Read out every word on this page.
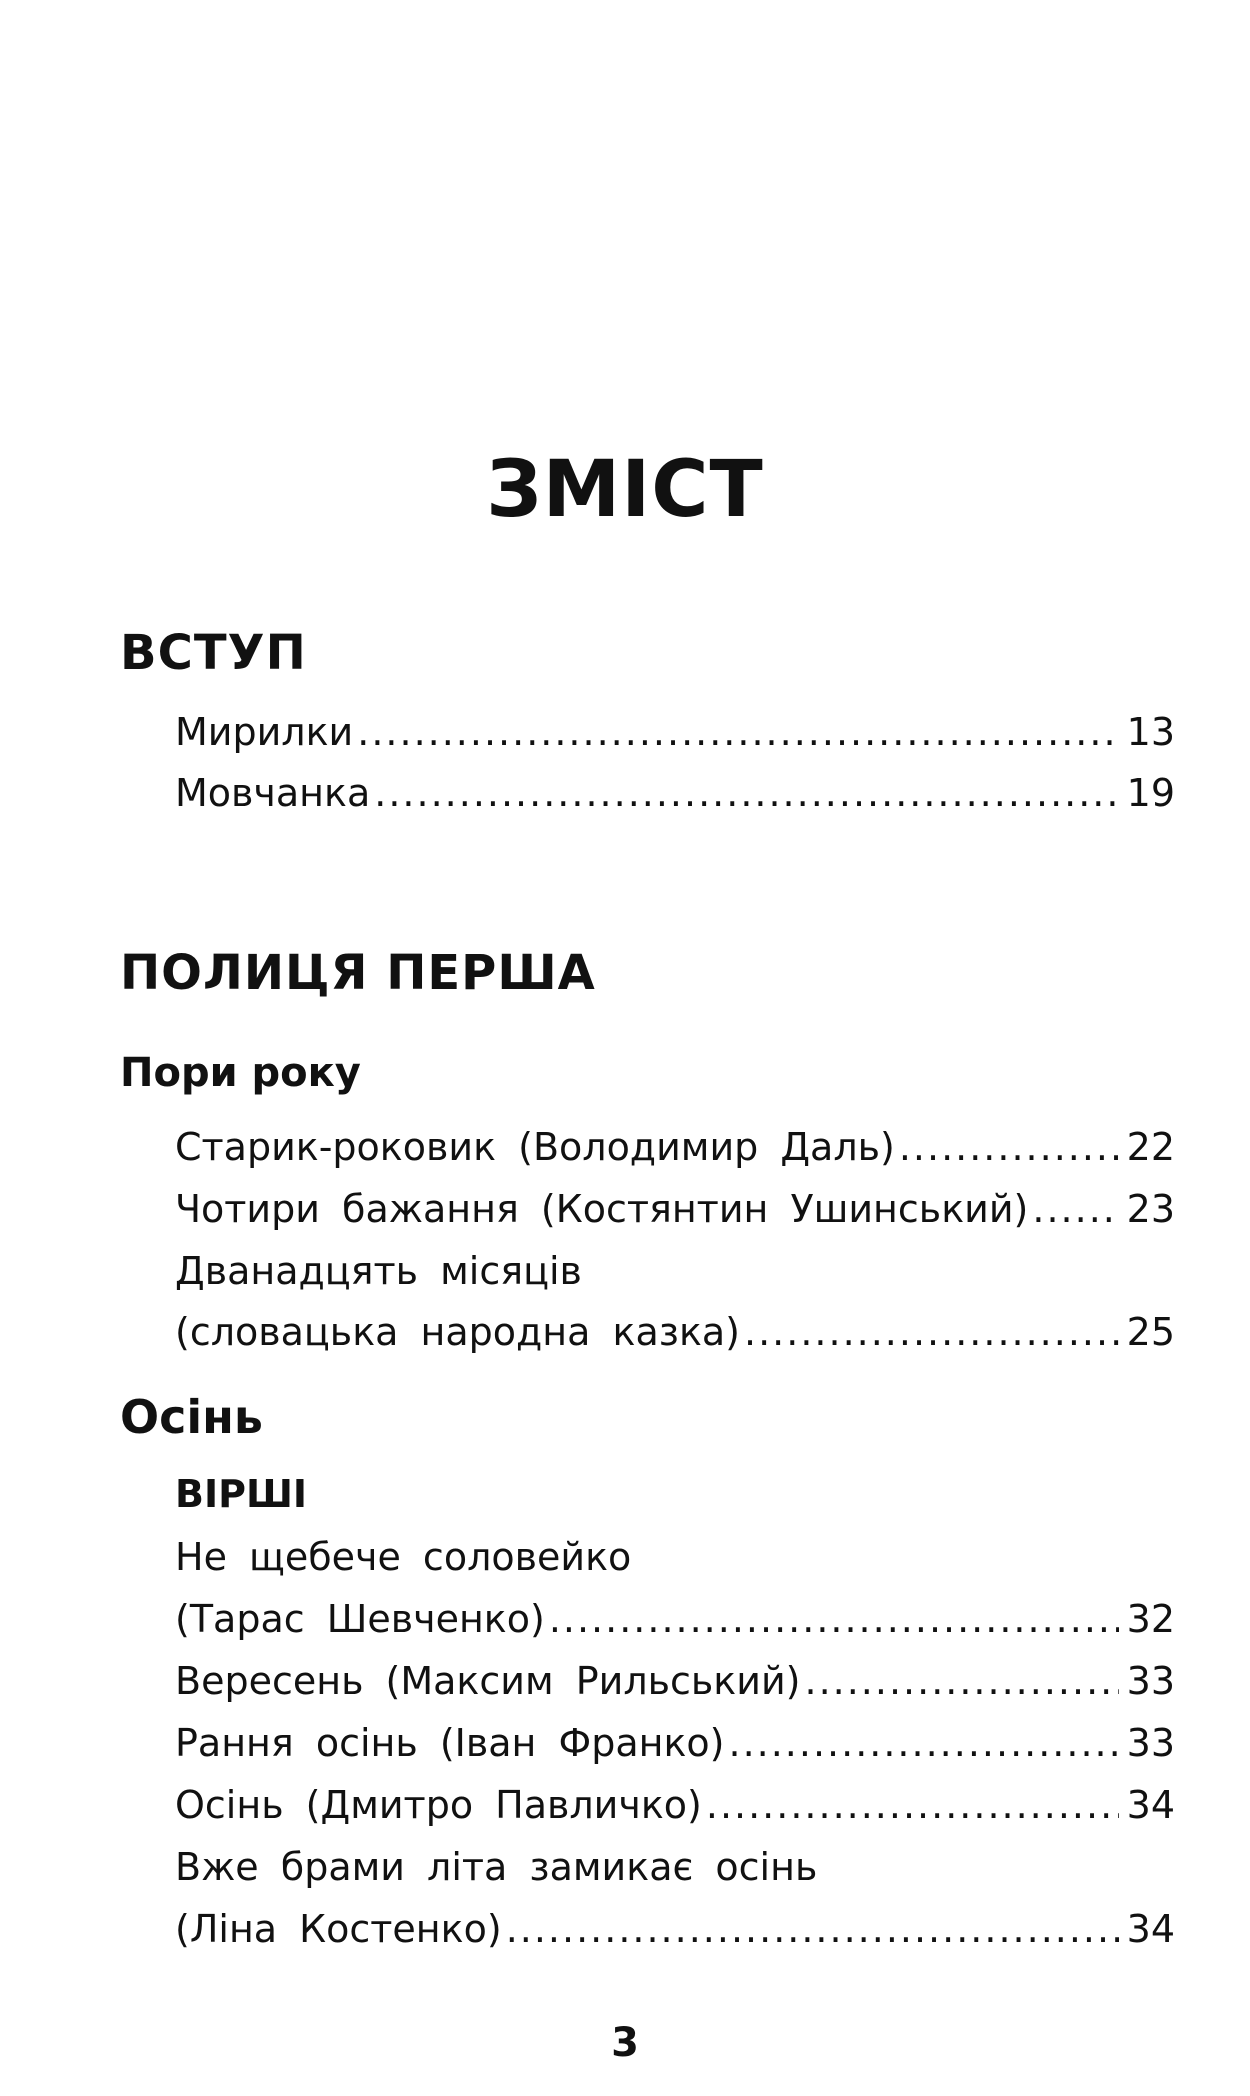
ЗМІСТ
ВСТУП
Мирилки .....	13
Мовчанка .....	19
ПОЛИЦЯ ПЕРША
Пори року
Старик-роковик (Володимир Даль) .....	22
Чотири бажання (Костянтин Ушинський) .....	23
Дванадцять місяців
(словацька народна казка) .....	25
Осінь
ВІРШІ
Не щебече соловейко
(Тарас Шевченко) .....	32
Вересень (Максим Рильський) .....	33
Рання осінь (Іван Франко) .....	33
Осінь (Дмитро Павличко) .....	34
Вже брами літа замикає осінь
(Ліна Костенко) .....	34
3
